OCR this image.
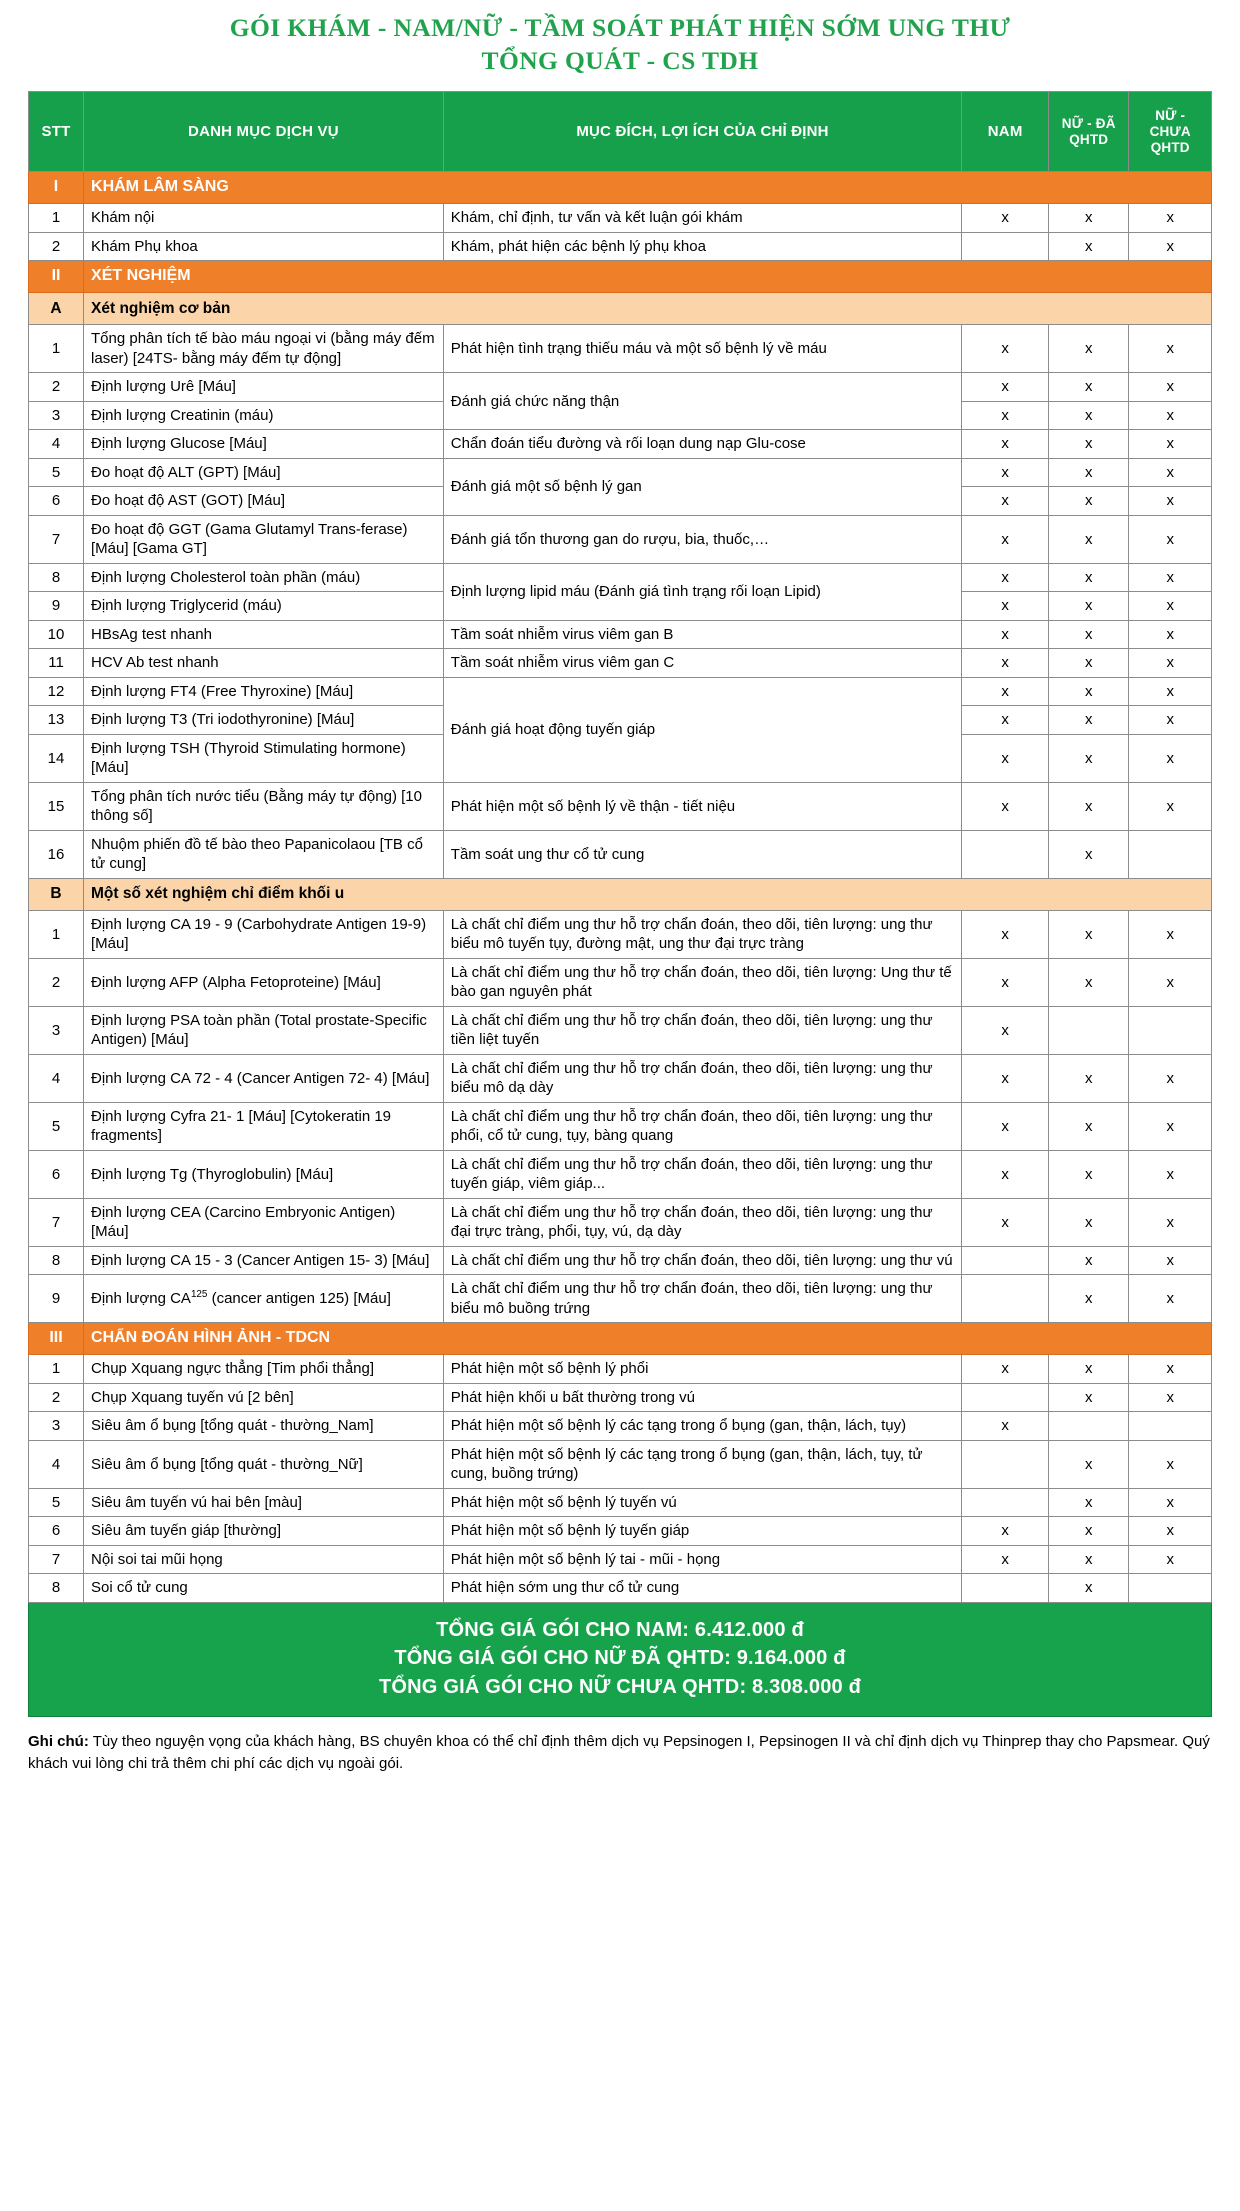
GÓI KHÁM - NAM/NỮ - TẦM SOÁT PHÁT HIỆN SỚM UNG THƯ
TỔNG QUÁT - CS TDH
STT	DANH MỤC DỊCH VỤ	MỤC ĐÍCH, LỢI ÍCH CỦA CHỈ ĐỊNH	NAM	NỮ - ĐÃ QHTD	NỮ - CHƯA QHTD
I	KHÁM LÂM SÀNG				
1	Khám nội	Khám, chỉ định, tư vấn và kết luận gói khám	x	x	x
2	Khám Phụ khoa	Khám, phát hiện các bệnh lý phụ khoa		x	x
II	XÉT NGHIỆM				
A	Xét nghiệm cơ bản				
1	Tổng phân tích tế bào máu ngoại vi (bằng máy đếm laser) [24TS- bằng máy đếm tự động]	Phát hiện tình trạng thiếu máu và một số bệnh lý về máu	x	x	x
2	Định lượng Urê [Máu]	Đánh giá chức năng thận	x	x	x
3	Định lượng Creatinin (máu)		x	x	x
4	Định lượng Glucose [Máu]	Chẩn đoán tiểu đường và rối loạn dung nạp Glu-cose	x	x	x
5	Đo hoạt độ ALT (GPT) [Máu]	Đánh giá một số bệnh lý gan	x	x	x
6	Đo hoạt độ AST (GOT) [Máu]		x	x	x
7	Đo hoạt độ GGT (Gama Glutamyl Trans-ferase) [Máu] [Gama GT]	Đánh giá tổn thương gan do rượu, bia, thuốc,…	x	x	x
8	Định lượng Cholesterol toàn phần (máu)	Định lượng lipid máu (Đánh giá tình trạng rối loạn Lipid)	x	x	x
9	Định lượng Triglycerid (máu)		x	x	x
10	HBsAg test nhanh	Tầm soát nhiễm virus viêm gan B	x	x	x
11	HCV Ab test nhanh	Tầm soát nhiễm virus viêm gan C	x	x	x
12	Định lượng FT4 (Free Thyroxine) [Máu]	Đánh giá hoạt động tuyến giáp	x	x	x
13	Định lượng T3 (Tri iodothyronine) [Máu]		x	x	x
14	Định lượng TSH (Thyroid Stimulating hormone) [Máu]		x	x	x
15	Tổng phân tích nước tiểu (Bằng máy tự động) [10 thông số]	Phát hiện một số bệnh lý về thận - tiết niệu	x	x	x
16	Nhuộm phiến đồ tế bào theo Papanicolaou [TB cổ tử cung]	Tầm soát ung thư cổ tử cung		x	
B	Một số xét nghiệm chỉ điểm khối u				
1	Định lượng CA 19 - 9 (Carbohydrate Antigen 19-9) [Máu]	Là chất chỉ điểm ung thư hỗ trợ chẩn đoán, theo dõi, tiên lượng: ung thư biểu mô tuyến tụy, đường mật, ung thư đại trực tràng	x	x	x
2	Định lượng AFP (Alpha Fetoproteine) [Máu]	Là chất chỉ điểm ung thư hỗ trợ chẩn đoán, theo dõi, tiên lượng: Ung thư tế bào gan nguyên phát	x	x	x
3	Định lượng PSA toàn phần (Total prostate-Specific Antigen) [Máu]	Là chất chỉ điểm ung thư hỗ trợ chẩn đoán, theo dõi, tiên lượng: ung thư tiền liệt tuyến	x		
4	Định lượng CA 72 - 4 (Cancer Antigen 72- 4) [Máu]	Là chất chỉ điểm ung thư hỗ trợ chẩn đoán, theo dõi, tiên lượng: ung thư biểu mô dạ dày	x	x	x
5	Định lượng Cyfra 21- 1 [Máu] [Cytokeratin 19 fragments]	Là chất chỉ điểm ung thư hỗ trợ chẩn đoán, theo dõi, tiên lượng: ung thư phổi, cổ tử cung, tụy, bàng quang	x	x	x
6	Định lượng Tg (Thyroglobulin) [Máu]	Là chất chỉ điểm ung thư hỗ trợ chẩn đoán, theo dõi, tiên lượng: ung thư tuyến giáp, viêm giáp...	x	x	x
7	Định lượng CEA (Carcino Embryonic Antigen) [Máu]	Là chất chỉ điểm ung thư hỗ trợ chẩn đoán, theo dõi, tiên lượng: ung thư đại trực tràng, phổi, tụy, vú, dạ dày	x	x	x
8	Định lượng CA 15 - 3 (Cancer Antigen 15- 3) [Máu]	Là chất chỉ điểm ung thư hỗ trợ chẩn đoán, theo dõi, tiên lượng: ung thư vú		x	x
9	Định lượng CA$^{125}$ (cancer antigen 125) [Máu]	Là chất chỉ điểm ung thư hỗ trợ chẩn đoán, theo dõi, tiên lượng: ung thư biểu mô buồng trứng		x	x
III	CHẨN ĐOÁN HÌNH ẢNH - TDCN				
1	Chụp Xquang ngực thẳng [Tim phổi thẳng]	Phát hiện một số bệnh lý phổi	x	x	x
2	Chụp Xquang tuyến vú [2 bên]	Phát hiện khối u bất thường trong vú		x	x
3	Siêu âm ổ bụng [tổng quát - thường_Nam]	Phát hiện một số bệnh lý các tạng trong ổ bụng (gan, thận, lách, tụy)	x		
4	Siêu âm ổ bụng [tổng quát - thường_Nữ]	Phát hiện một số bệnh lý các tạng trong ổ bụng (gan, thận, lách, tụy, tử cung, buồng trứng)		x	x
5	Siêu âm tuyến vú hai bên [màu]	Phát hiện một số bệnh lý tuyến vú		x	x
6	Siêu âm tuyến giáp [thường]	Phát hiện một số bệnh lý tuyến giáp	x	x	x
7	Nội soi tai mũi họng	Phát hiện một số bệnh lý tai - mũi - họng	x	x	x
8	Soi cổ tử cung	Phát hiện sớm ung thư cổ tử cung		x	
TỔNG GIÁ GÓI CHO NAM: 6.412.000 đ
TỔNG GIÁ GÓI CHO NỮ ĐÃ QHTD: 9.164.000 đ
TỔNG GIÁ GÓI CHO NỮ CHƯA QHTD: 8.308.000 đ
Ghi chú: Tùy theo nguyện vọng của khách hàng, BS chuyên khoa có thể chỉ định thêm dịch vụ Pepsinogen I, Pepsinogen II và chỉ định dịch vụ Thinprep thay cho Papsmear. Quý khách vui lòng chi trả thêm chi phí các dịch vụ ngoài gói.
